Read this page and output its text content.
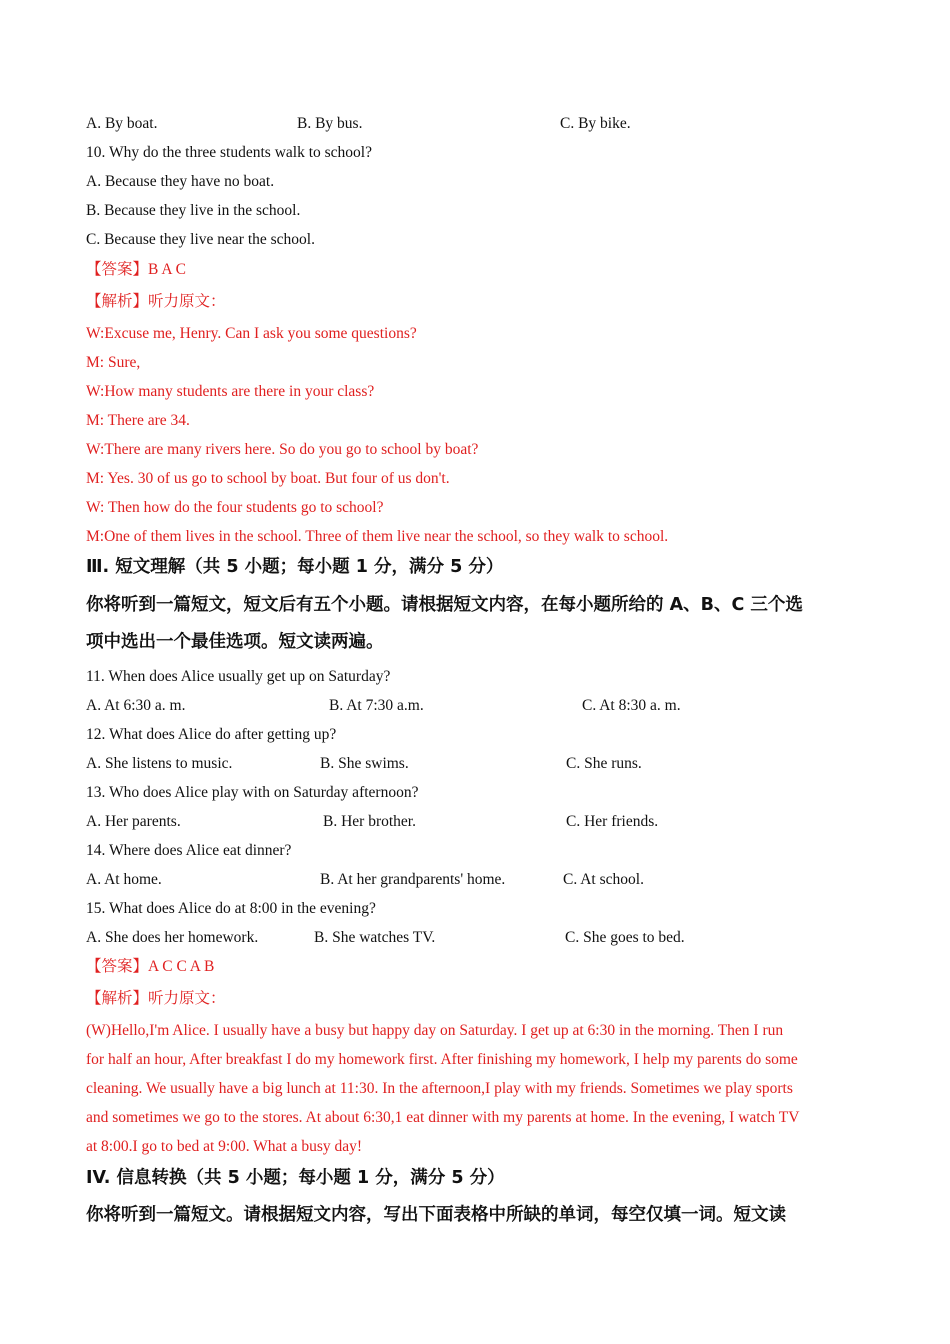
A. By boat.	B. By bus.	C. By bike.
10. Why do the three students walk to school?
A. Because they have no boat.
B. Because they live in the school.
C. Because they live near the school.
【答案】B A C
【解析】听力原文：
W:Excuse me, Henry. Can I ask you some questions?
M: Sure,
W:How many students are there in your class?
M: There are 34.
W:There are many rivers here. So do you go to school by boat?
M: Yes. 30 of us go to school by boat. But four of us don't.
W: Then how do the four students go to school?
M:One of them lives in the school. Three of them live near the school, so they walk to school.
Ⅲ. 短文理解（共 5 小题；每小题 1 分，满分 5 分）
你将听到一篇短文，短文后有五个小题。请根据短文内容，在每小题所给的 A、B、C 三个选
项中选出一个最佳选项。短文读两遍。
11. When does Alice usually get up on Saturday?
A. At 6:30 a. m.	B. At 7:30 a.m.	C. At 8:30 a. m.
12. What does Alice do after getting up?
A. She listens to music.	B. She swims.	C. She runs.
13. Who does Alice play with on Saturday afternoon?
A. Her parents.	B. Her brother.	C. Her friends.
14. Where does Alice eat dinner?
A. At home.	B. At her grandparents' home.	C. At school.
15. What does Alice do at 8:00 in the evening?
A. She does her homework.	B. She watches TV.	C. She goes to bed.
【答案】A C C A B
【解析】听力原文：
(W)Hello,I'm Alice. I usually have a busy but happy day on Saturday. I get up at 6:30 in the morning. Then I run
for half an hour, After breakfast I do my homework first. After finishing my homework, I help my parents do some
cleaning. We usually have a big lunch at 11:30. In the afternoon,I play with my friends. Sometimes we play sports
and sometimes we go to the stores. At about 6:30,1 eat dinner with my parents at home. In the evening, I watch TV
at 8:00.I go to bed at 9:00. What a busy day!
IV. 信息转换（共 5 小题；每小题 1 分，满分 5 分）
你将听到一篇短文。请根据短文内容，写出下面表格中所缺的单词，每空仅填一词。短文读
